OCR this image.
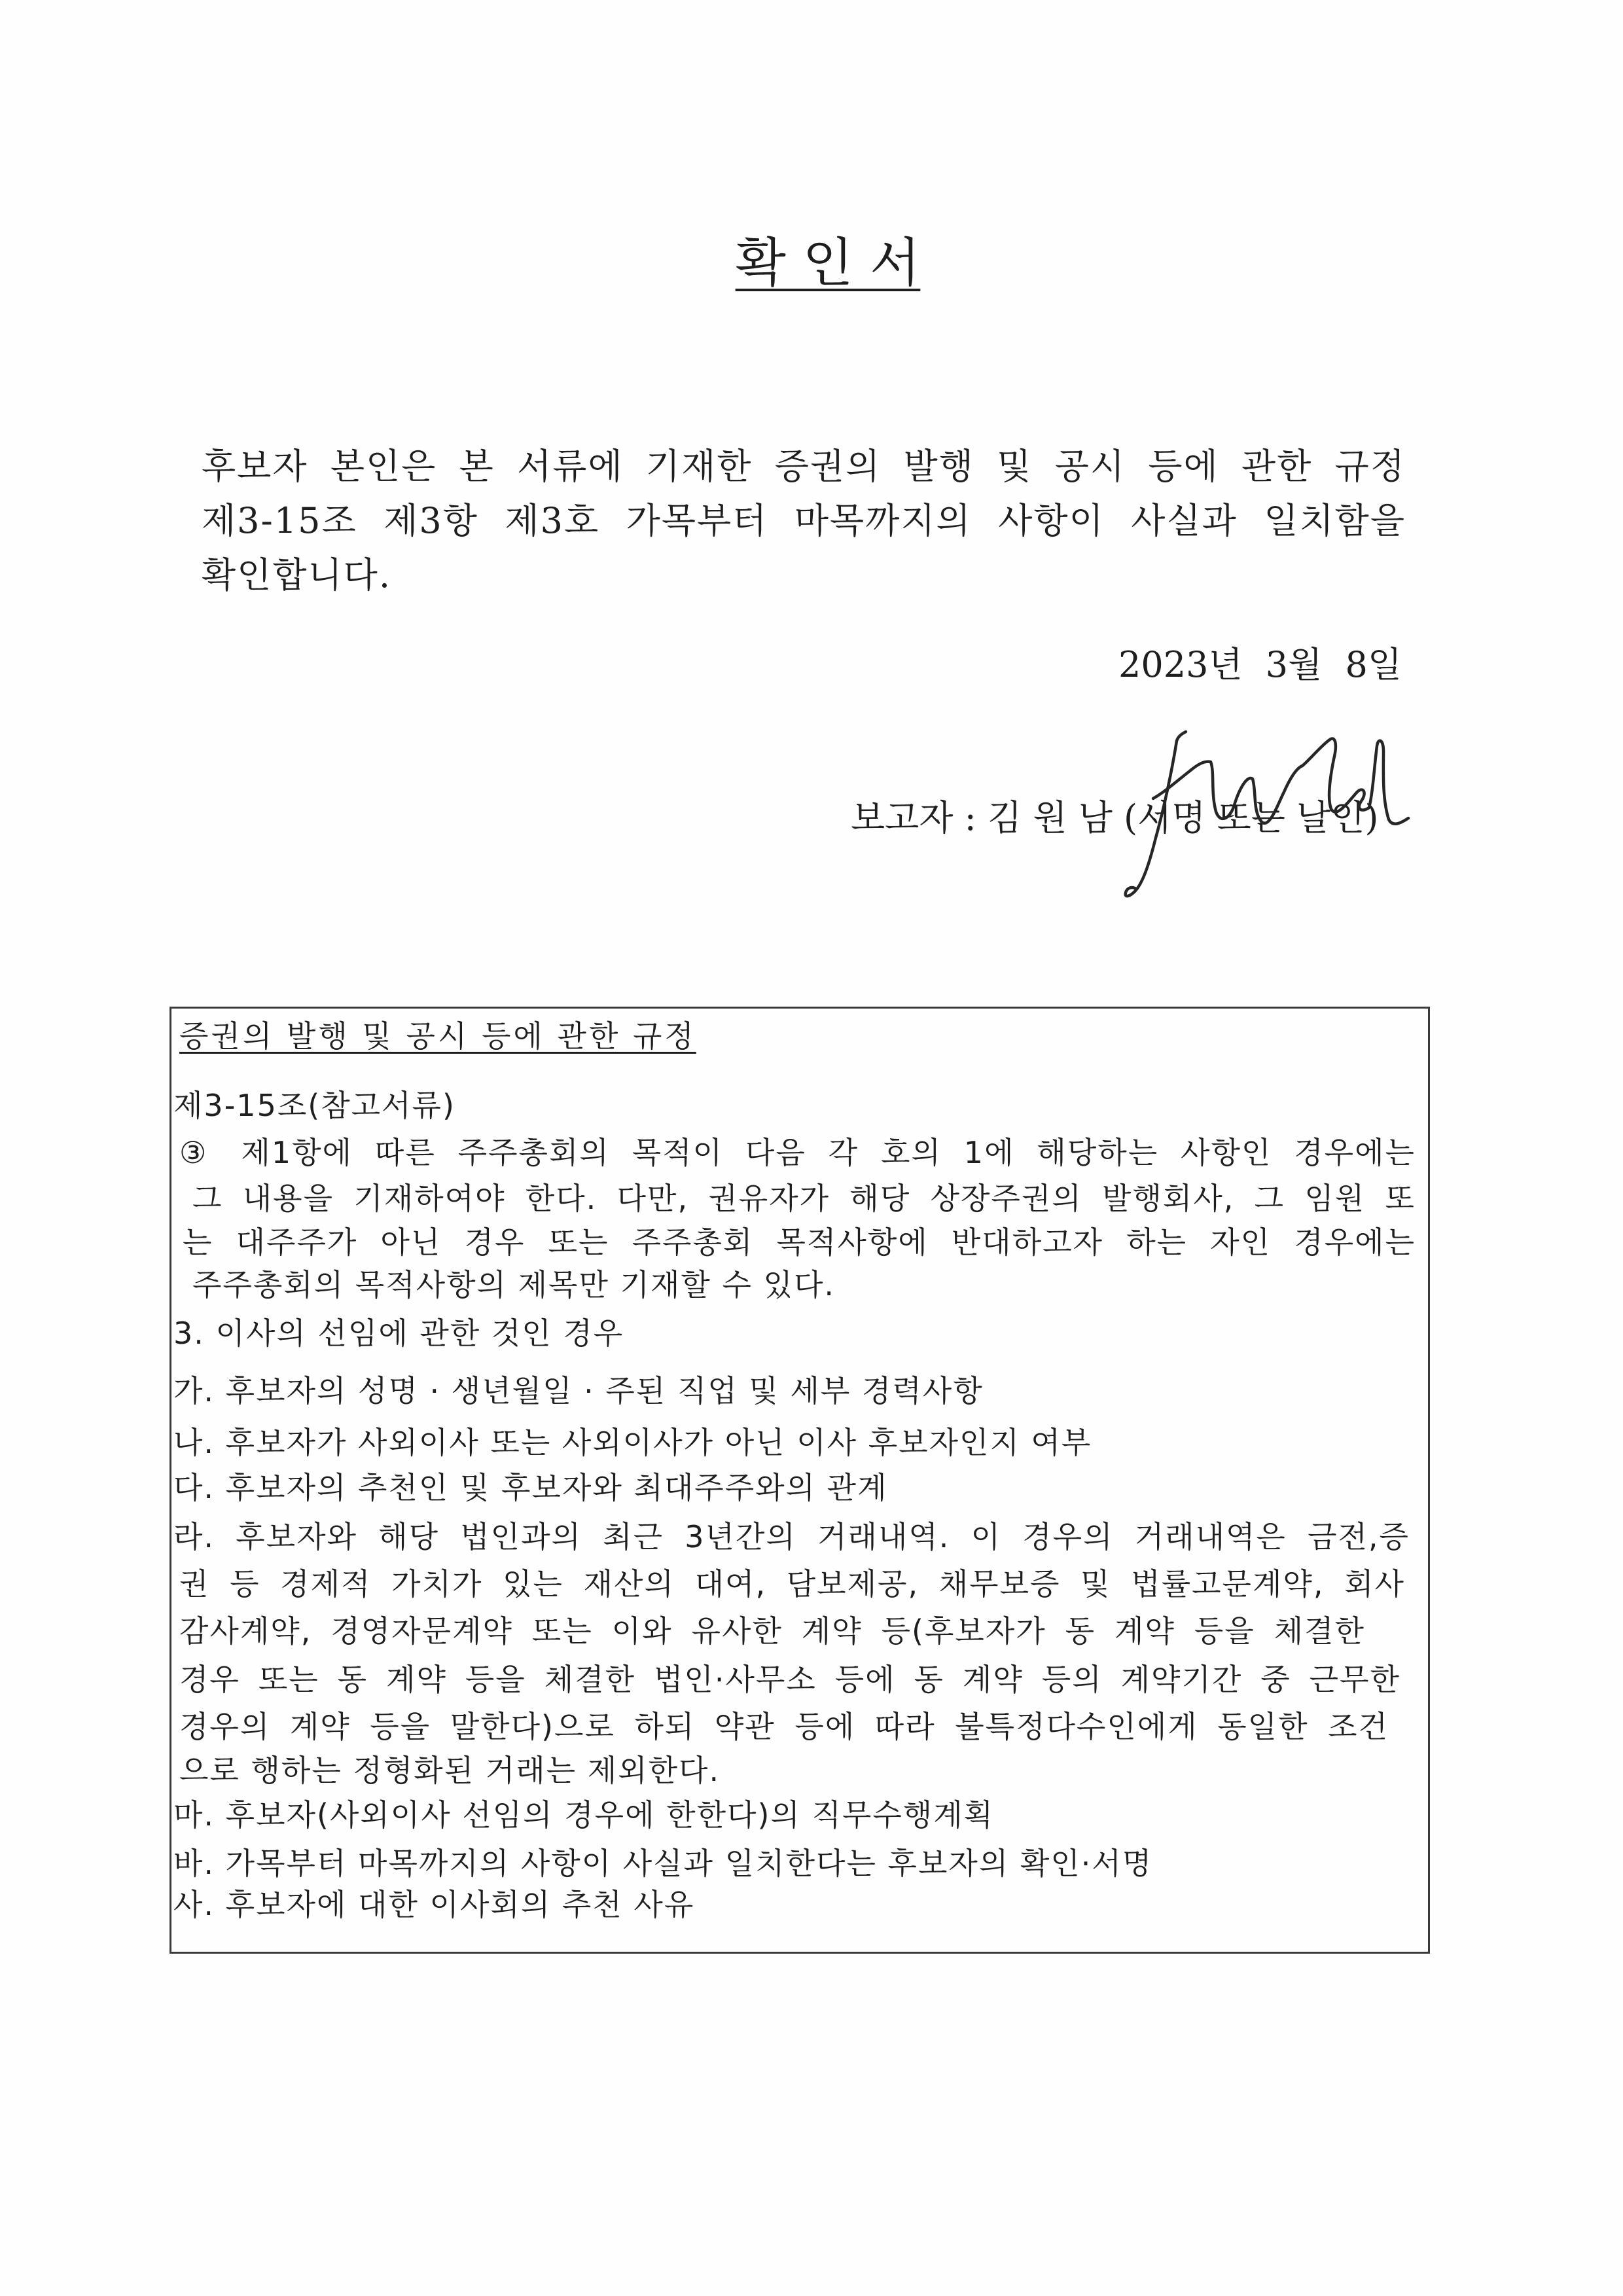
확 인 서
후보자 본인은 본 서류에 기재한 증권의 발행 및 공시 등에 관한 규정
제3-15조 제3항 제3호 가목부터 마목까지의 사항이 사실과 일치함을
확인합니다.
2023년 3월 8일
보고자 : 김 원 남 (서명 또는 날인)
증권의 발행 및 공시 등에 관한 규정
제3-15조(참고서류)
③ 제1항에 따른 주주총회의 목적이 다음 각 호의 1에 해당하는 사항인 경우에는
그 내용을 기재하여야 한다. 다만, 권유자가 해당 상장주권의 발행회사, 그 임원 또
는 대주주가 아닌 경우 또는 주주총회 목적사항에 반대하고자 하는 자인 경우에는
주주총회의 목적사항의 제목만 기재할 수 있다.
3. 이사의 선임에 관한 것인 경우
가. 후보자의 성명 · 생년월일 · 주된 직업 및 세부 경력사항
나. 후보자가 사외이사 또는 사외이사가 아닌 이사 후보자인지 여부
다. 후보자의 추천인 및 후보자와 최대주주와의 관계
라. 후보자와 해당 법인과의 최근 3년간의 거래내역. 이 경우의 거래내역은 금전,증
권 등 경제적 가치가 있는 재산의 대여, 담보제공, 채무보증 및 법률고문계약, 회사
감사계약, 경영자문계약 또는 이와 유사한 계약 등(후보자가 동 계약 등을 체결한
경우 또는 동 계약 등을 체결한 법인·사무소 등에 동 계약 등의 계약기간 중 근무한
경우의 계약 등을 말한다)으로 하되 약관 등에 따라 불특정다수인에게 동일한 조건
으로 행하는 정형화된 거래는 제외한다.
마. 후보자(사외이사 선임의 경우에 한한다)의 직무수행계획
바. 가목부터 마목까지의 사항이 사실과 일치한다는 후보자의 확인·서명
사. 후보자에 대한 이사회의 추천 사유
